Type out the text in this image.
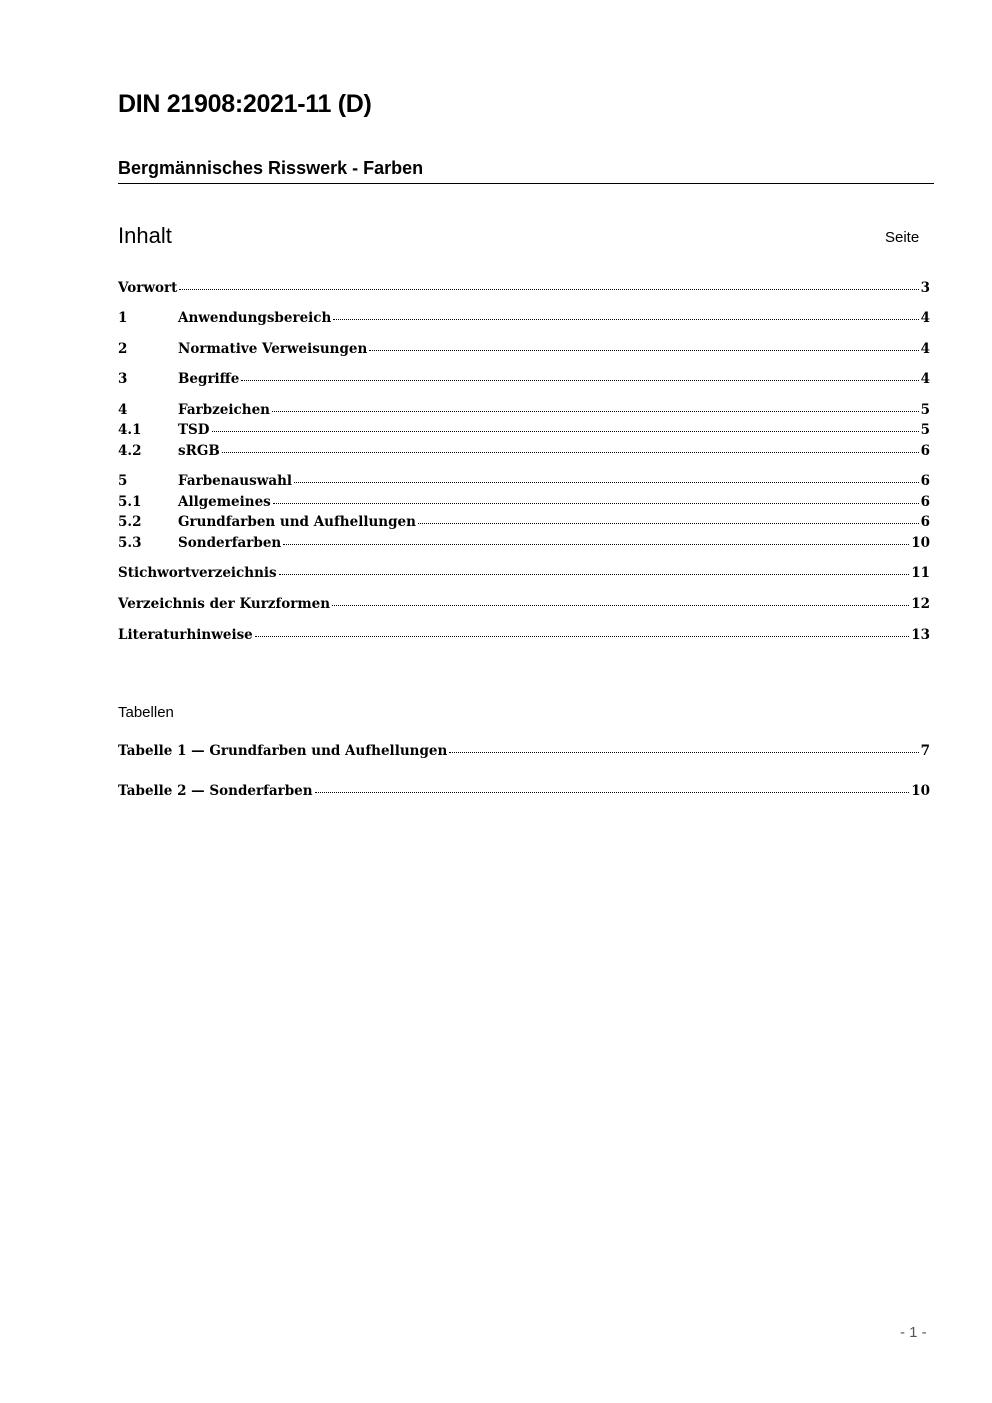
DIN 21908:2021-11 (D)
Bergmännisches Risswerk - Farben
Inhalt	Seite
Vorwort	3
1	Anwendungsbereich	4
2	Normative Verweisungen	4
3	Begriffe	4
4	Farbzeichen	5
4.1	TSD	5
4.2	sRGB	6
5	Farbenauswahl	6
5.1	Allgemeines	6
5.2	Grundfarben und Aufhellungen	6
5.3	Sonderfarben	10
Stichwortverzeichnis	11
Verzeichnis der Kurzformen	12
Literaturhinweise	13
Tabellen
Tabelle 1 — Grundfarben und Aufhellungen	7
Tabelle 2 — Sonderfarben	10
- 1 -
